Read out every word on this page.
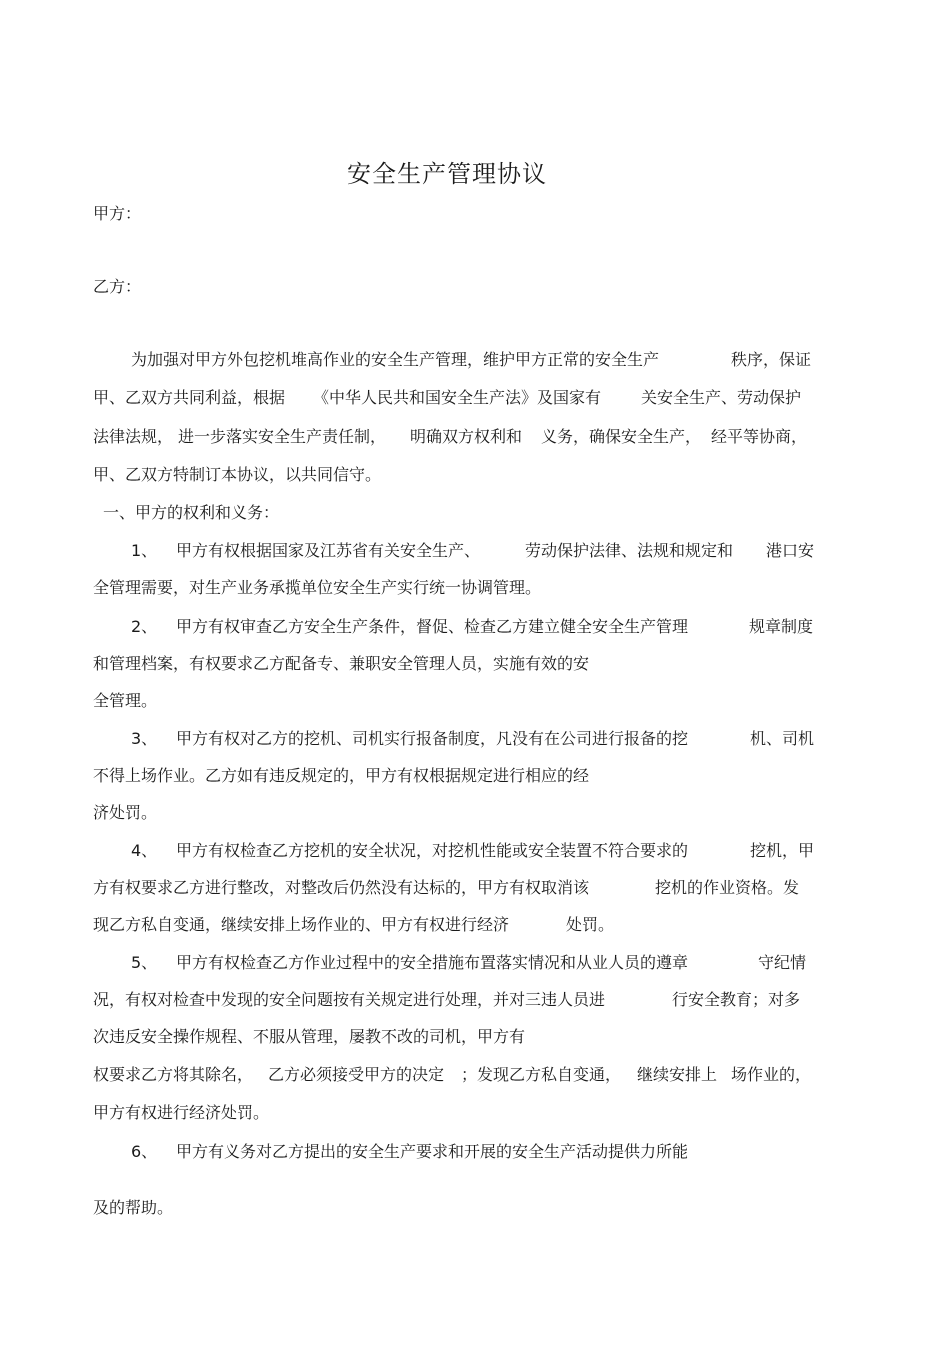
安全生产管理协议
甲方：
乙方：
为加强对甲方外包挖机堆高作业的安全生产管理，维护甲方正常的安全生产	秩序，保证
甲、乙双方共同利益，根据 《中华人民共和国安全生产法》及国家有 关安全生产、劳动保护
法律法规， 进一步落实安全生产责任制， 明确双方权利和 义务，确保安全生产， 经平等协商，
甲、乙双方特制订本协议，以共同信守。
一、甲方的权利和义务：
1、 甲方有权根据国家及江苏省有关安全生产、	劳动保护法律、法规和规定和 港口安
全管理需要，对生产业务承揽单位安全生产实行统一协调管理。
2、 甲方有权审查乙方安全生产条件，督促、检查乙方建立健全安全生产管理	规章制度
和管理档案，有权要求乙方配备专、兼职安全管理人员，实施有效的安
全管理。
3、 甲方有权对乙方的挖机、司机实行报备制度，凡没有在公司进行报备的挖	机、司机
不得上场作业。乙方如有违反规定的，甲方有权根据规定进行相应的经
济处罚。
4、 甲方有权检查乙方挖机的安全状况，对挖机性能或安全装置不符合要求的	挖机，甲
方有权要求乙方进行整改，对整改后仍然没有达标的，甲方有权取消该	挖机的作业资格。发
现乙方私自变通，继续安排上场作业的、甲方有权进行经济	处罚。
5、 甲方有权检查乙方作业过程中的安全措施布置落实情况和从业人员的遵章	守纪情
况，有权对检查中发现的安全问题按有关规定进行处理，并对三违人员进	行安全教育；对多
次违反安全操作规程、不服从管理，屡教不改的司机，甲方有
权要求乙方将其除名， 乙方必须接受甲方的决定 ；发现乙方私自变通， 继续安排上 场作业的，
甲方有权进行经济处罚。
6、 甲方有义务对乙方提出的安全生产要求和开展的安全生产活动提供力所能
及的帮助。
